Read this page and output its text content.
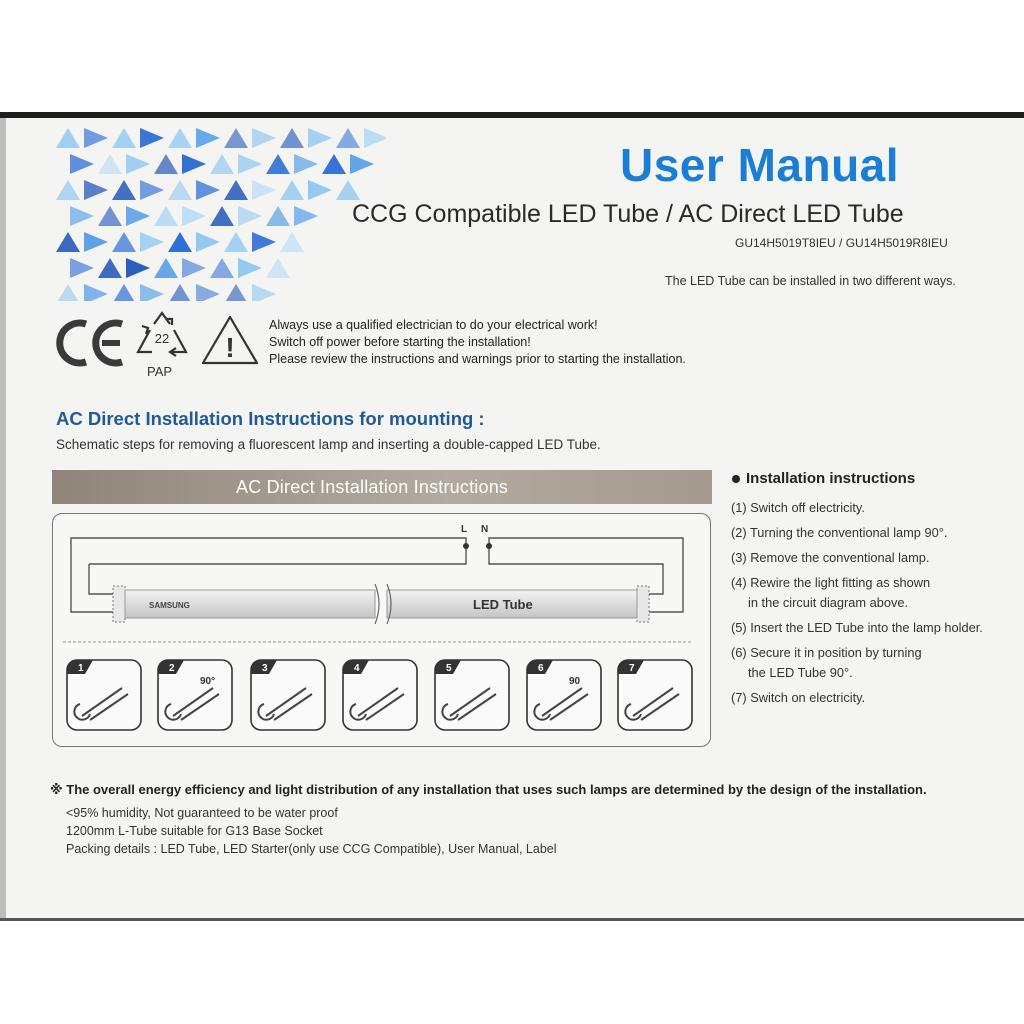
User Manual
CCG Compatible LED Tube / AC Direct LED Tube
GU14H5019T8IEU / GU14H5019R8IEU
The LED Tube can be installed in two different ways.
22
PAP
!
Always use a qualified electrician to do your electrical work!
Switch off power before starting the installation!
Please review the instructions and warnings prior to starting the installation.
AC Direct Installation Instructions for mounting :
Schematic steps for removing a fluorescent lamp and inserting a double-capped LED Tube.
AC Direct Installation Instructions
L N
SAMSUNG	LED Tube
1	2
90°
3	4	5	6
90
7
Installation instructions
(1) Switch off electricity.
(2) Turning the conventional lamp 90°.
(3) Remove the conventional lamp.
(4) Rewire the light fitting as shown
in the circuit diagram above.
(5) Insert the LED Tube into the lamp holder.
(6) Secure it in position by turning
the LED Tube 90°.
(7) Switch on electricity.
※ The overall energy efficiency and light distribution of any installation that uses such lamps are determined by the design of the installation.
<95% humidity, Not guaranteed to be water proof
1200mm L-Tube suitable for G13 Base Socket
Packing details : LED Tube, LED Starter(only use CCG Compatible), User Manual, Label
